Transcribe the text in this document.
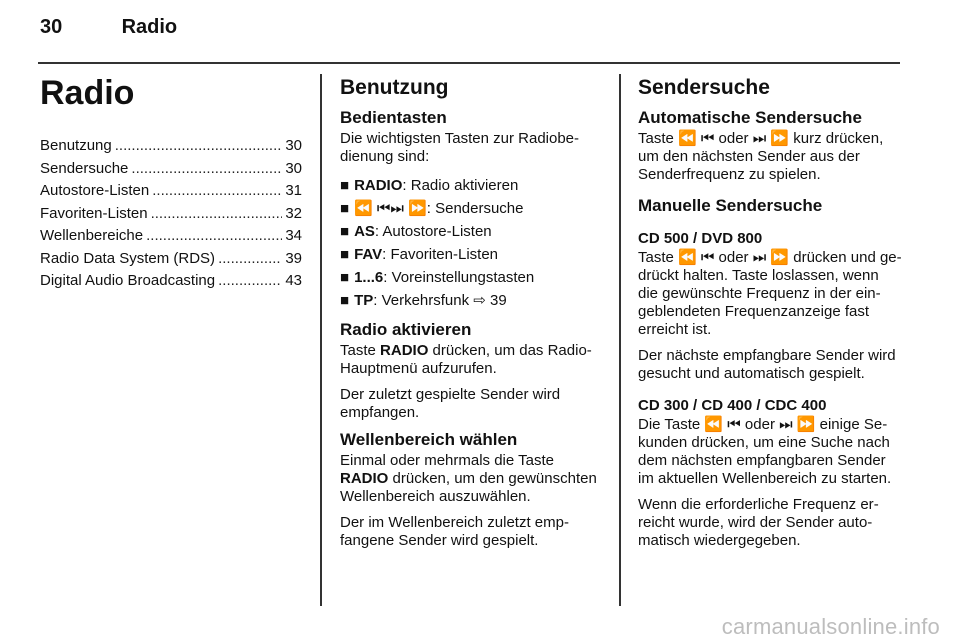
30	Radio
Radio
Benutzung .....	30
Sendersuche .....	30
Autostore-Listen .....	31
Favoriten-Listen .....	32
Wellenbereiche .....	34
Radio Data System (RDS) .....	39
Digital Audio Broadcasting .....	43
Benutzung
Bedientasten

Die wichtigsten Tasten zur Radiobedienung sind:

■ RADIO: Radio aktivieren
■ ⏪ ⏮⏭ ⏩: Sendersuche
■ AS: Autostore-Listen
■ FAV: Favoriten-Listen
■ 1...6: Voreinstellungstasten
■ TP: Verkehrsfunk ⇨ 39
Radio aktivieren

Taste RADIO drücken, um das Radio-Hauptmenü aufzurufen.

Der zuletzt gespielte Sender wird empfangen.

Wellenbereich wählen

Einmal oder mehrmals die Taste RADIO drücken, um den gewünschten Wellenbereich auszuwählen.

Der im Wellenbereich zuletzt empfangene Sender wird gespielt.

Sendersuche
Automatische Sendersuche

Taste ⏪ ⏮ oder ⏭ ⏩ kurz drücken, um den nächsten Sender aus der Senderfrequenz zu spielen.

Manuelle Sendersuche
CD 500 / DVD 800

Taste ⏪ ⏮ oder ⏭ ⏩ drücken und gedrückt halten. Taste loslassen, wenn die gewünschte Frequenz in der eingeblendeten Frequenzanzeige fast erreicht ist.

Der nächste empfangbare Sender wird gesucht und automatisch gespielt.

CD 300 / CD 400 / CDC 400

Die Taste ⏪ ⏮ oder ⏭ ⏩ einige Sekunden drücken, um eine Suche nach dem nächsten empfangbaren Sender im aktuellen Wellenbereich zu starten.

Wenn die erforderliche Frequenz erreicht wurde, wird der Sender automatisch wiedergegeben.

carmanualsonline.info
